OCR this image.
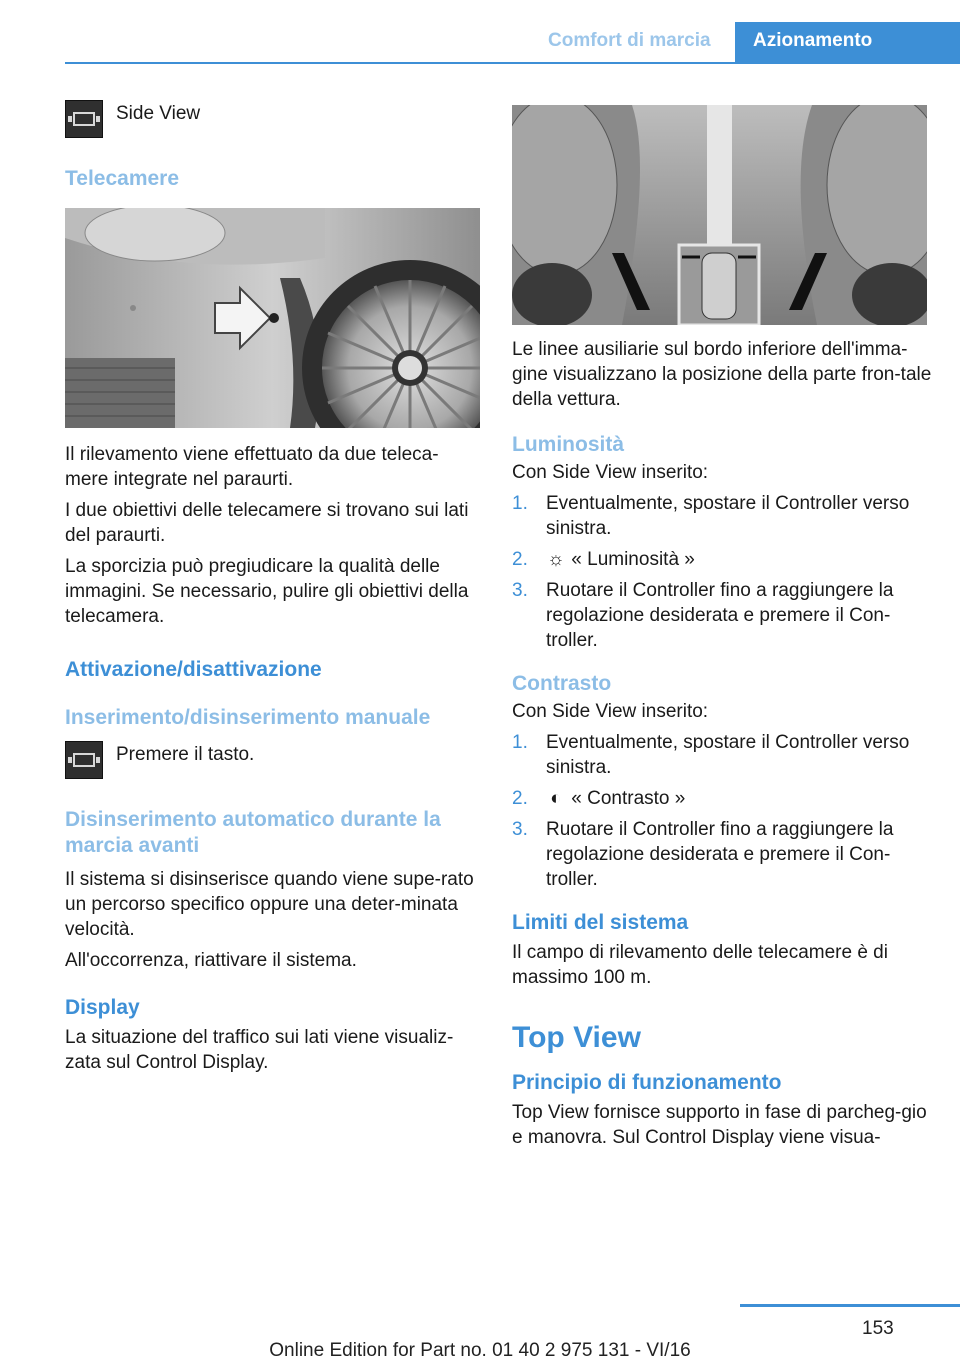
Comfort di marcia	Azionamento
Side View
Telecamere

Il rilevamento viene effettuato da due teleca-mere integrate nel paraurti.

I due obiettivi delle telecamere si trovano sui lati del paraurti.

La sporcizia può pregiudicare la qualità delle immagini. Se necessario, pulire gli obiettivi della telecamera.

Attivazione/disattivazione
Inserimento/disinserimento manuale
Premere il tasto.
Disinserimento automatico durante la marcia avanti

Il sistema si disinserisce quando viene supe-rato un percorso specifico oppure una deter-minata velocità.

All'occorrenza, riattivare il sistema.

Display

La situazione del traffico sui lati viene visualiz-zata sul Control Display.

Le linee ausiliarie sul bordo inferiore dell'imma-gine visualizzano la posizione della parte fron-tale della vettura.

Luminosità

Con Side View inserito:

1. Eventualmente, spostare il Controller verso sinistra.
2.	☼ « Luminosità »
3. Ruotare il Controller fino a raggiungere la regolazione desiderata e premere il Con-troller.
Contrasto

Con Side View inserito:

1. Eventualmente, spostare il Controller verso sinistra.
2.	◐ « Contrasto »
3. Ruotare il Controller fino a raggiungere la regolazione desiderata e premere il Con-troller.
Limiti del sistema

Il campo di rilevamento delle telecamere è di massimo 100 m.

Top View
Principio di funzionamento

Top View fornisce supporto in fase di parcheg-gio e manovra. Sul Control Display viene visua-

153
Online Edition for Part no. 01 40 2 975 131 - VI/16
